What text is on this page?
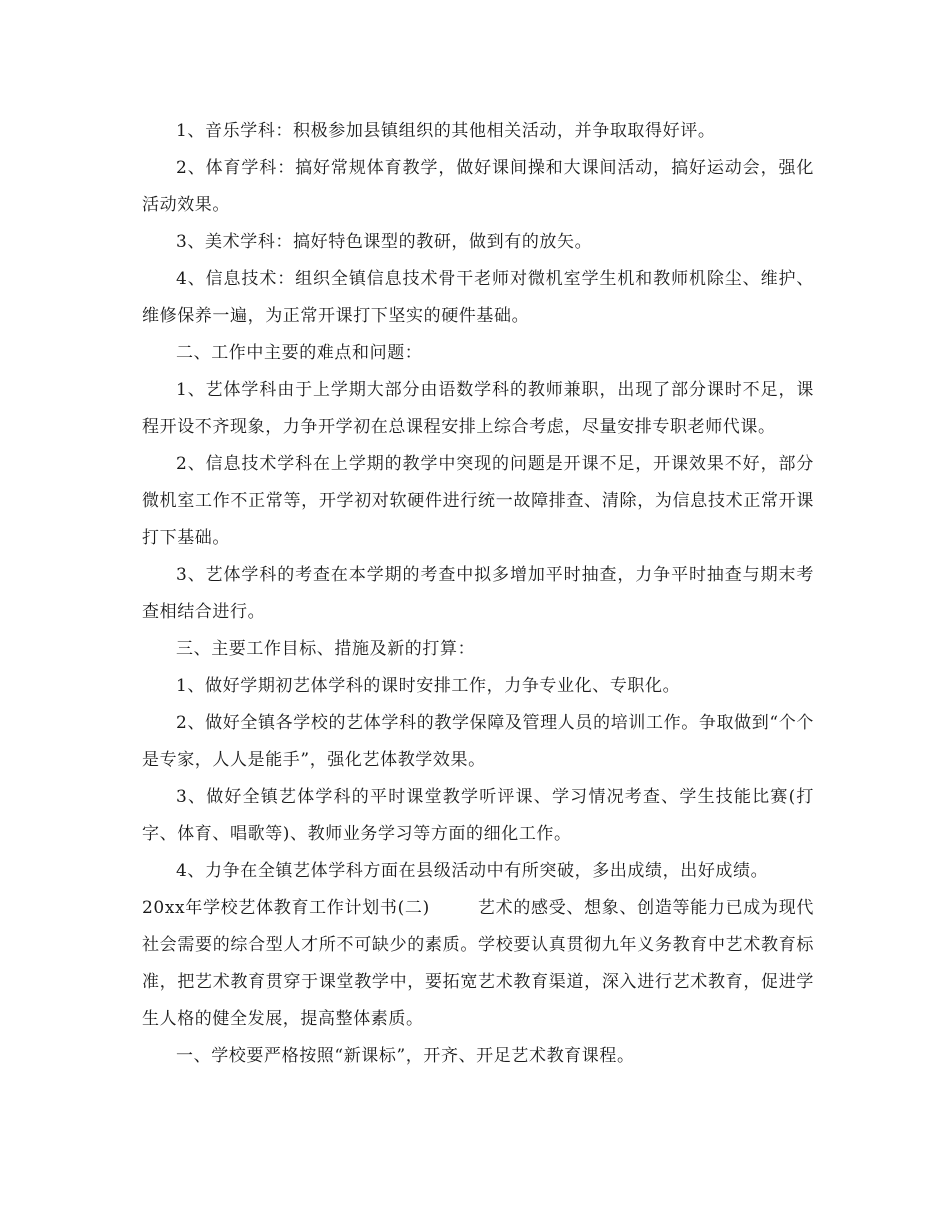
1、音乐学科：积极参加县镇组织的其他相关活动，并争取取得好评。

2、体育学科：搞好常规体育教学，做好课间操和大课间活动，搞好运动会，强化活动效果。

3、美术学科：搞好特色课型的教研，做到有的放矢。

4、信息技术：组织全镇信息技术骨干老师对微机室学生机和教师机除尘、维护、维修保养一遍，为正常开课打下坚实的硬件基础。

二、工作中主要的难点和问题：

1、艺体学科由于上学期大部分由语数学科的教师兼职，出现了部分课时不足，课程开设不齐现象，力争开学初在总课程安排上综合考虑，尽量安排专职老师代课。

2、信息技术学科在上学期的教学中突现的问题是开课不足，开课效果不好，部分微机室工作不正常等，开学初对软硬件进行统一故障排查、清除，为信息技术正常开课打下基础。

3、艺体学科的考查在本学期的考查中拟多增加平时抽查，力争平时抽查与期末考查相结合进行。

三、主要工作目标、措施及新的打算：

1、做好学期初艺体学科的课时安排工作，力争专业化、专职化。

2、做好全镇各学校的艺体学科的教学保障及管理人员的培训工作。争取做到“个个是专家，人人是能手”，强化艺体教学效果。

3、做好全镇艺体学科的平时课堂教学听评课、学习情况考查、学生技能比赛(打字、体育、唱歌等)、教师业务学习等方面的细化工作。

4、力争在全镇艺体学科方面在县级活动中有所突破，多出成绩，出好成绩。

20xx年学校艺体教育工作计划书(二)	艺术的感受、想象、创造等能力已成为现代社会需要的综合型人才所不可缺少的素质。学校要认真贯彻九年义务教育中艺术教育标准，把艺术教育贯穿于课堂教学中，要拓宽艺术教育渠道，深入进行艺术教育，促进学生人格的健全发展，提高整体素质。

一、学校要严格按照“新课标”，开齐、开足艺术教育课程。
